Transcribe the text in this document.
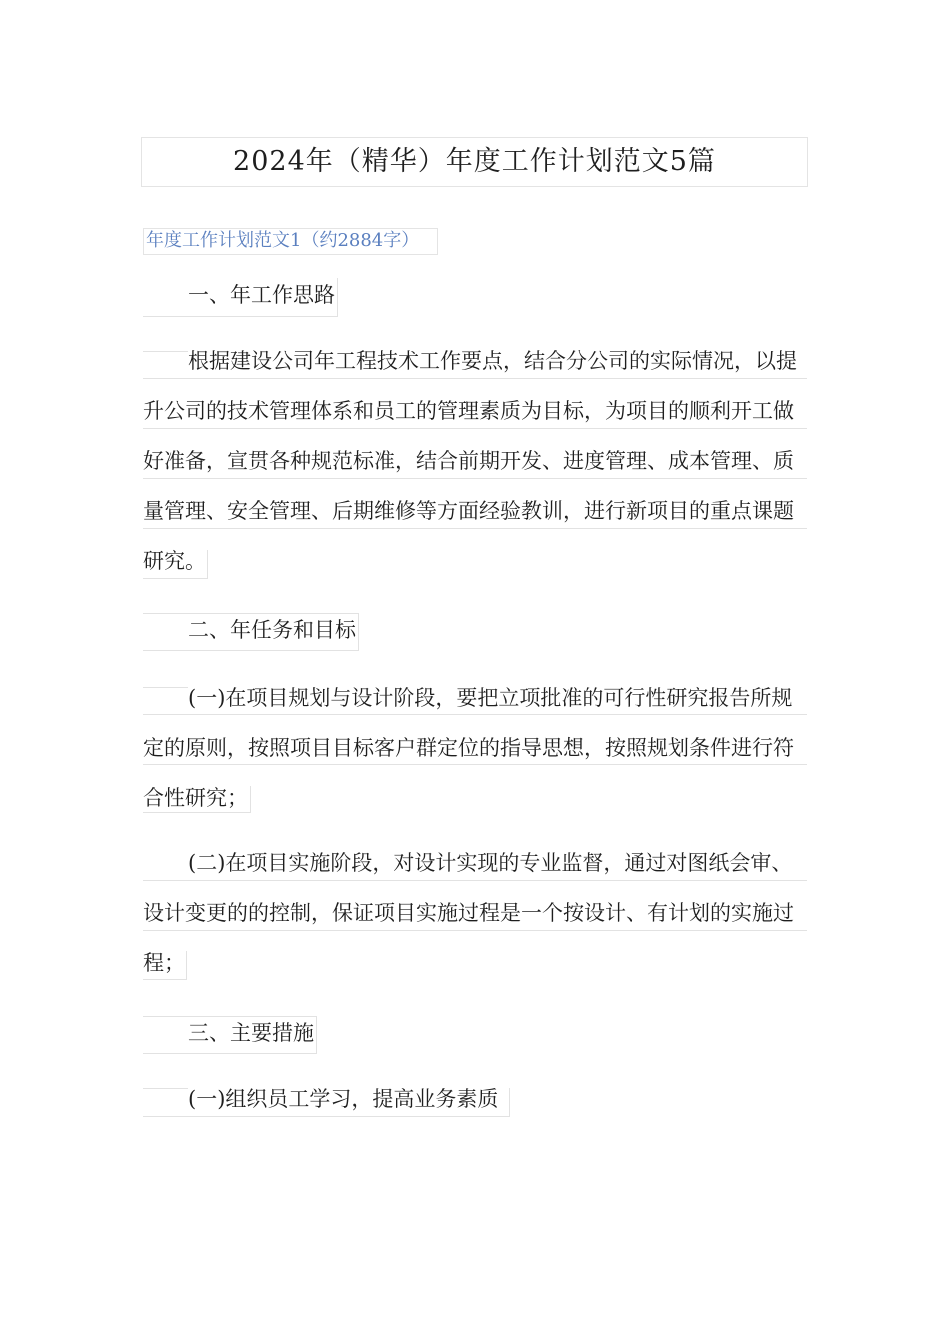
2024年（精华）年度工作计划范文5篇
年度工作计划范文1（约2884字）
一、年工作思路
根据建设公司年工程技术工作要点，结合分公司的实际情况，以提
升公司的技术管理体系和员工的管理素质为目标，为项目的顺利开工做
好准备，宣贯各种规范标准，结合前期开发、进度管理、成本管理、质
量管理、安全管理、后期维修等方面经验教训，进行新项目的重点课题
研究。
二、年任务和目标
(一)在项目规划与设计阶段，要把立项批准的可行性研究报告所规
定的原则，按照项目目标客户群定位的指导思想，按照规划条件进行符
合性研究；
(二)在项目实施阶段，对设计实现的专业监督，通过对图纸会审、
设计变更的的控制，保证项目实施过程是一个按设计、有计划的实施过
程；
三、主要措施
(一)组织员工学习，提高业务素质
